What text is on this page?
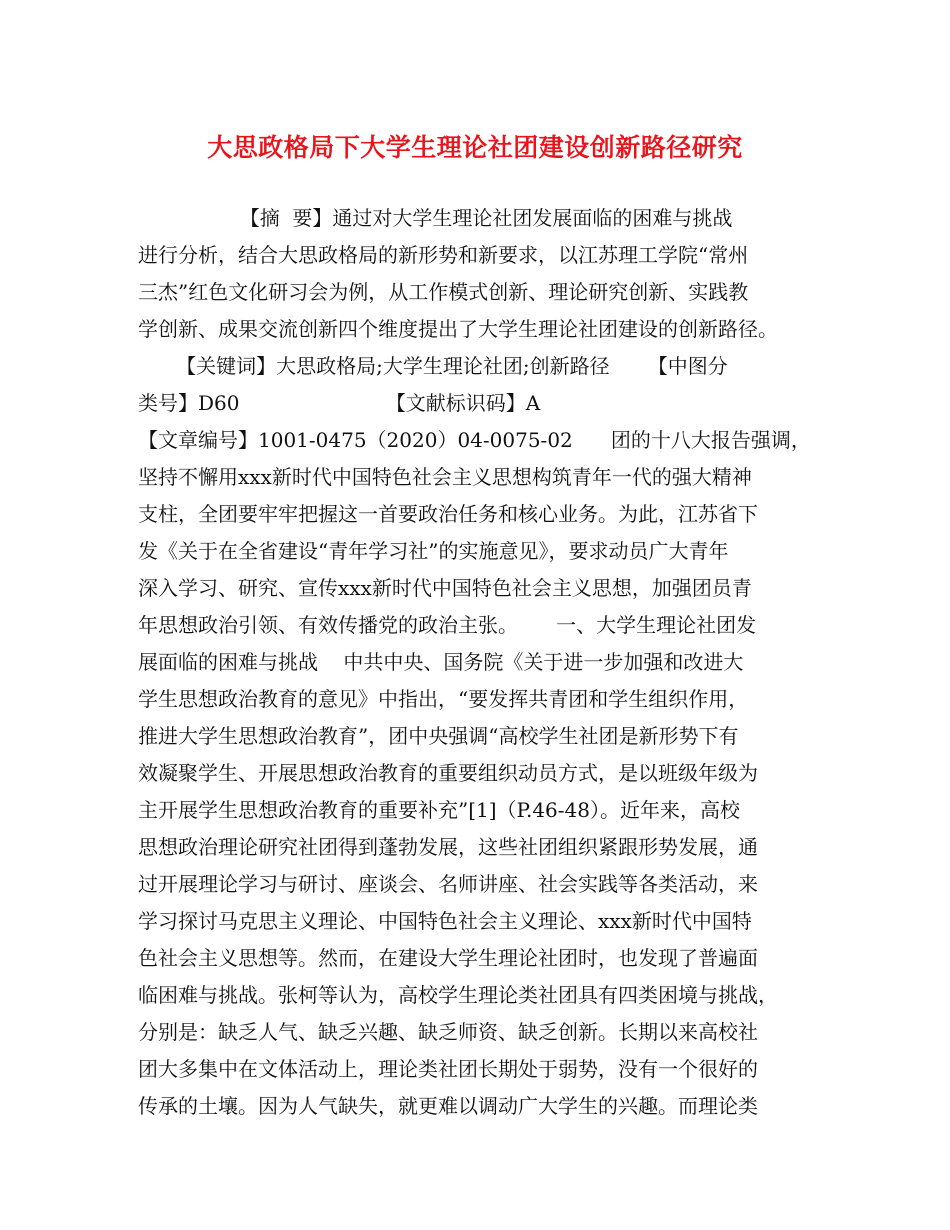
大思政格局下大学生理论社团建设创新路径研究
【摘  要】通过对大学生理论社团发展面临的困难与挑战
进行分析，结合大思政格局的新形势和新要求，以江苏理工学院“常州
三杰”红色文化研习会为例，从工作模式创新、理论研究创新、实践教
学创新、成果交流创新四个维度提出了大学生理论社团建设的创新路径。
【关键词】大思政格局;大学生理论社团;创新路径      【中图分
类号】D60                       【文献标识码】A
【文章编号】1001-0475（2020）04-0075-02      团的十八大报告强调，
坚持不懈用xxx新时代中国特色社会主义思想构筑青年一代的强大精神
支柱，全团要牢牢把握这一首要政治任务和核心业务。为此，江苏省下
发《关于在全省建设“青年学习社”的实施意见》，要求动员广大青年
深入学习、研究、宣传xxx新时代中国特色社会主义思想，加强团员青
年思想政治引领、有效传播党的政治主张。      一、大学生理论社团发
展面临的困难与挑战    中共中央、国务院《关于进一步加强和改进大
学生思想政治教育的意见》中指出，“要发挥共青团和学生组织作用，
推进大学生思想政治教育”，团中央强调“高校学生社团是新形势下有
效凝聚学生、开展思想政治教育的重要组织动员方式，是以班级年级为
主开展学生思想政治教育的重要补充”[1]（P.46-48）。近年来，高校
思想政治理论研究社团得到蓬勃发展，这些社团组织紧跟形势发展，通
过开展理论学习与研讨、座谈会、名师讲座、社会实践等各类活动，来
学习探讨马克思主义理论、中国特色社会主义理论、xxx新时代中国特
色社会主义思想等。然而，在建设大学生理论社团时，也发现了普遍面
临困难与挑战。张柯等认为，高校学生理论类社团具有四类困境与挑战，
分别是：缺乏人气、缺乏兴趣、缺乏师资、缺乏创新。长期以来高校社
团大多集中在文体活动上，理论类社团长期处于弱势，没有一个很好的
传承的土壤。因为人气缺失，就更难以调动广大学生的兴趣。而理论类
